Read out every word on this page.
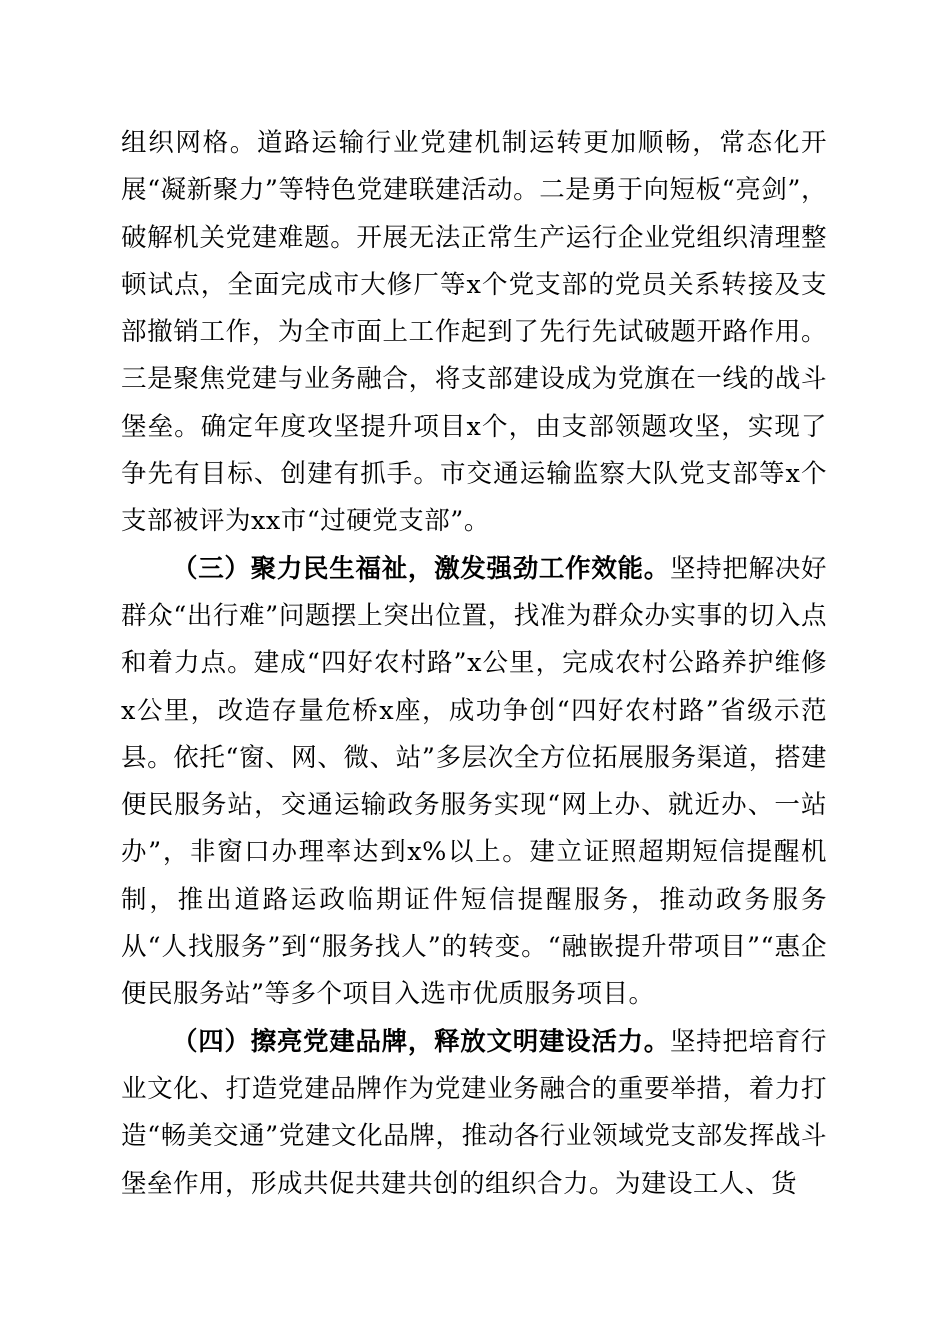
组织网格。道路运输行业党建机制运转更加顺畅，常态化开展“凝新聚力”等特色党建联建活动。二是勇于向短板“亮剑”，破解机关党建难题。开展无法正常生产运行企业党组织清理整顿试点，全面完成市大修厂等x个党支部的党员关系转接及支部撤销工作，为全市面上工作起到了先行先试破题开路作用。三是聚焦党建与业务融合，将支部建设成为党旗在一线的战斗堡垒。确定年度攻坚提升项目x个，由支部领题攻坚，实现了争先有目标、创建有抓手。市交通运输监察大队党支部等x个支部被评为xx市“过硬党支部”。

（三）聚力民生福祉，激发强劲工作效能。坚持把解决好群众“出行难”问题摆上突出位置，找准为群众办实事的切入点和着力点。建成“四好农村路”x公里，完成农村公路养护维修x公里，改造存量危桥x座，成功争创“四好农村路”省级示范县。依托“窗、网、微、站”多层次全方位拓展服务渠道，搭建便民服务站，交通运输政务服务实现“网上办、就近办、一站办”，非窗口办理率达到x%以上。建立证照超期短信提醒机制，推出道路运政临期证件短信提醒服务，推动政务服务从“人找服务”到“服务找人”的转变。“融嵌提升带项目”“惠企便民服务站”等多个项目入选市优质服务项目。

（四）擦亮党建品牌，释放文明建设活力。坚持把培育行业文化、打造党建品牌作为党建业务融合的重要举措，着力打造“畅美交通”党建文化品牌，推动各行业领域党支部发挥战斗堡垒作用，形成共促共建共创的组织合力。为建设工人、货
